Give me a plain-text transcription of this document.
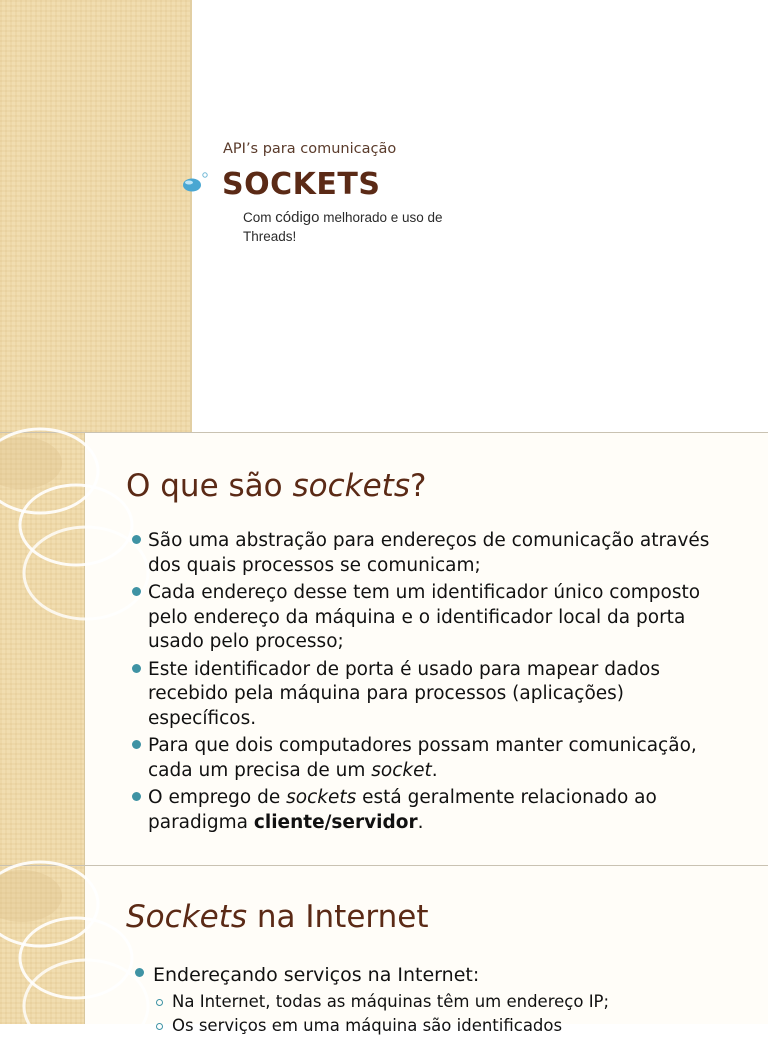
API’s para comunicação
SOCKETS
Com código melhorado e uso de Threads!
O que são sockets?
São uma abstração para endereços de comunicação através dos quais processos se comunicam;
Cada endereço desse tem um identificador único composto pelo endereço da máquina e o identificador local da porta usado pelo processo;
Este identificador de porta é usado para mapear dados recebido pela máquina para processos (aplicações) específicos.
Para que dois computadores possam manter comunicação, cada um precisa de um socket.
O emprego de sockets está geralmente relacionado ao paradigma cliente/servidor.
Sockets na Internet
Endereçando serviços na Internet:
Na Internet, todas as máquinas têm um endereço IP;
Os serviços em uma máquina são identificados
